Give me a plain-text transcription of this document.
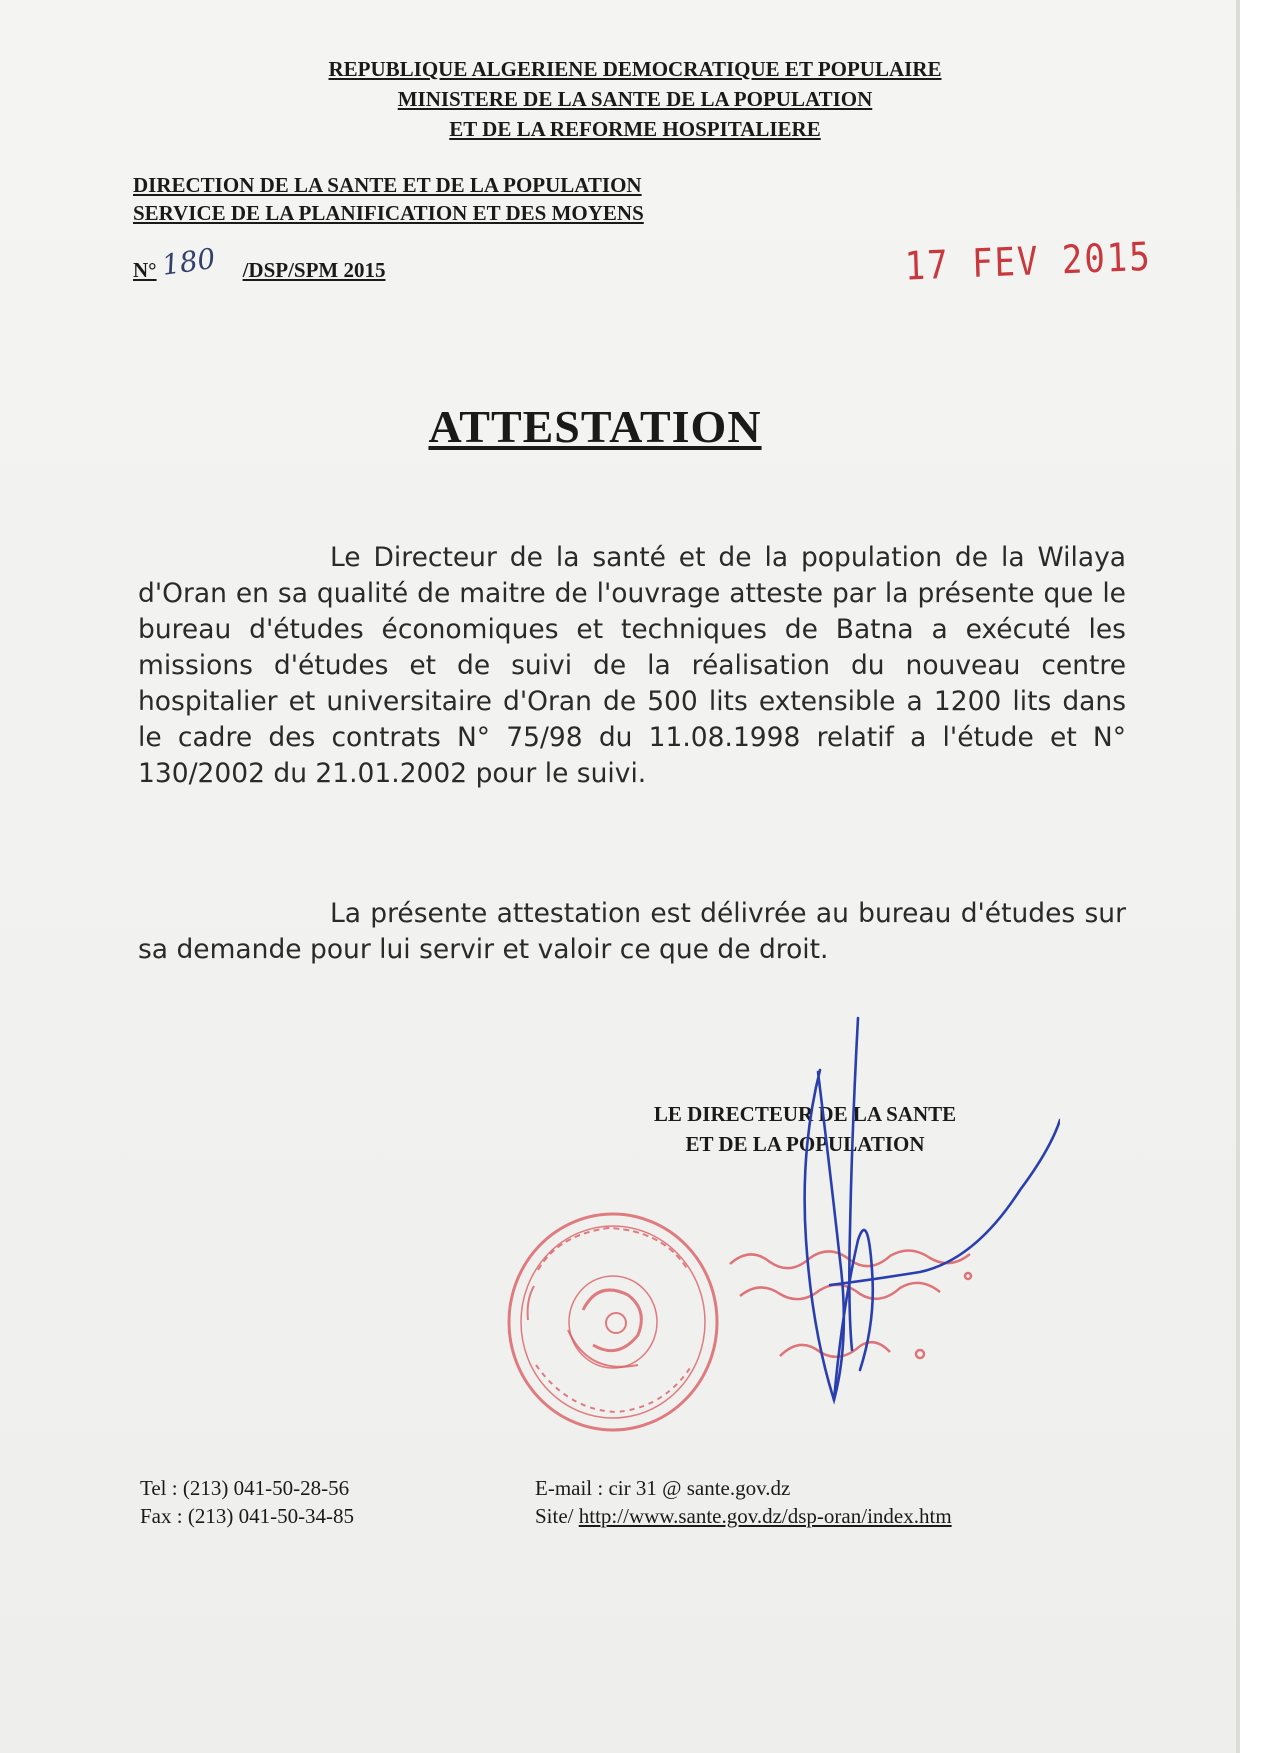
REPUBLIQUE ALGERIENE DEMOCRATIQUE ET POPULAIRE
MINISTERE DE LA SANTE DE LA POPULATION
ET DE LA REFORME HOSPITALIERE
DIRECTION DE LA SANTE ET DE LA POPULATION
SERVICE DE LA PLANIFICATION ET DES MOYENS
N°	/DSP/SPM 2015
180	17 FEV 2015
ATTESTATION
Le Directeur de la santé et de la population de la Wilaya d'Oran en sa qualité de maitre de l'ouvrage atteste par la présente que le bureau d'études économiques et techniques de Batna a exécuté les missions d'études et de suivi de la réalisation du nouveau centre hospitalier et universitaire d'Oran de 500 lits extensible a 1200 lits dans le cadre des contrats N° 75/98 du 11.08.1998 relatif a l'étude et N° 130/2002 du 21.01.2002 pour le suivi.
La présente attestation est délivrée au bureau d'études sur sa demande pour lui servir et valoir ce que de droit.
LE DIRECTEUR DE LA SANTE
ET DE LA POPULATION
Tel : (213) 041-50-28-56
Fax : (213) 041-50-34-85
E-mail : cir 31 @ sante.gov.dz
Site/ http://www.sante.gov.dz/dsp-oran/index.htm
